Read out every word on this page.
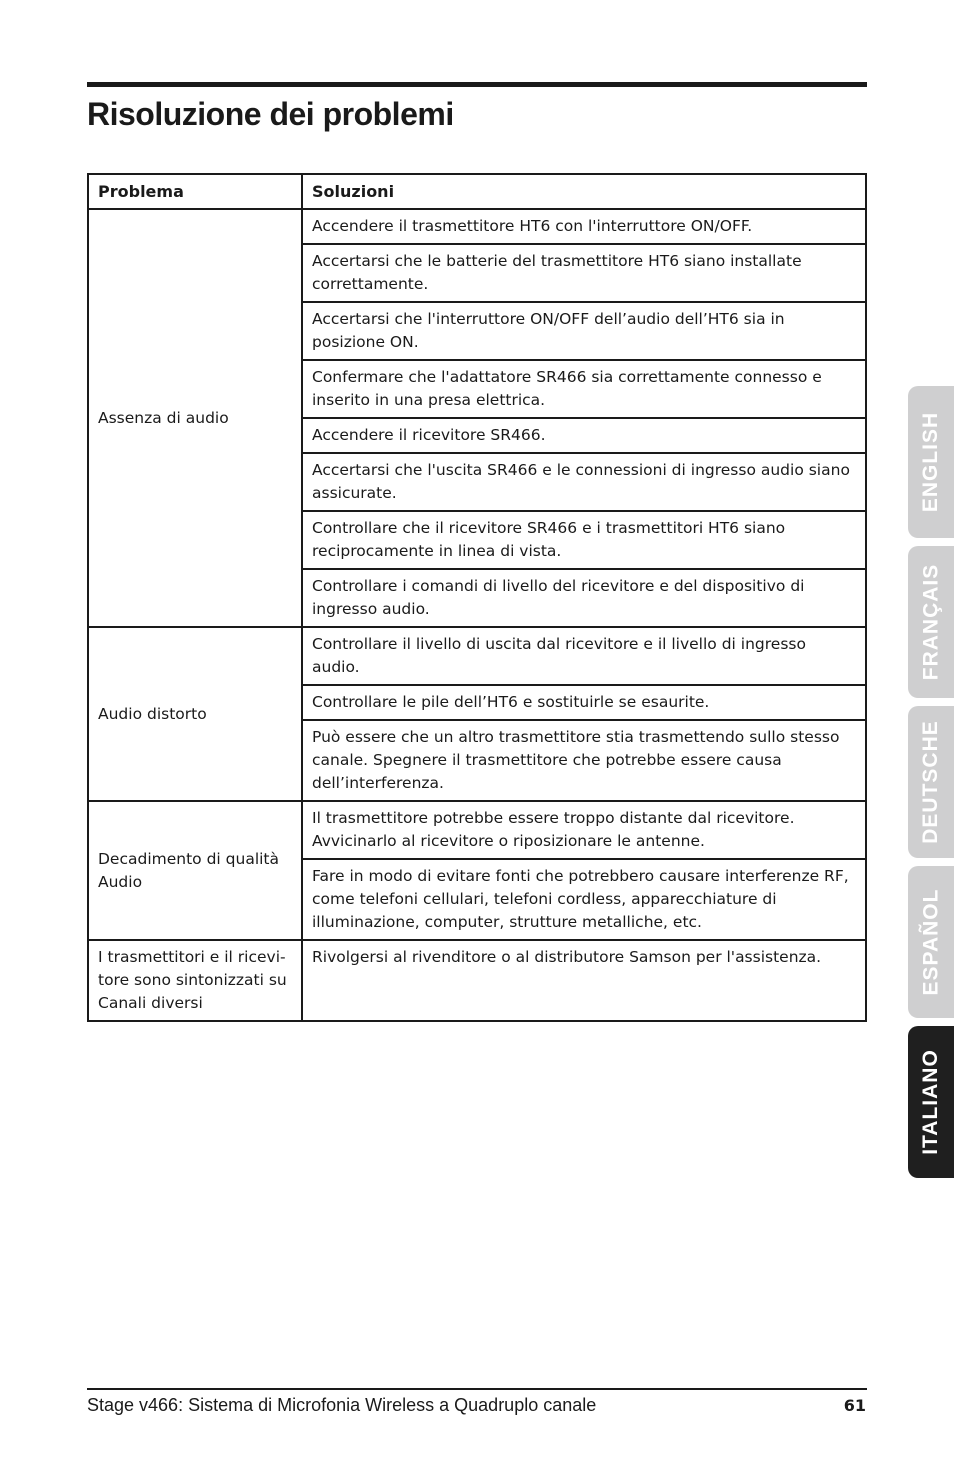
Risoluzione dei problemi
Problema	Soluzioni
Assenza di audio	Accendere il trasmettitore HT6 con l'interruttore ON/OFF.
	Accertarsi che le batterie del trasmettitore HT6 siano installate correttamente.
	Accertarsi che l'interruttore ON/OFF dell’audio dell’HT6 sia in posizione ON.
	Confermare che l'adattatore SR466 sia correttamente connesso e inserito in una presa elettrica.
	Accendere il ricevitore SR466.
	Accertarsi che l'uscita SR466 e le connessioni di ingresso audio siano assicurate.
	Controllare che il ricevitore SR466 e i trasmettitori HT6 siano reciprocamente in linea di vista.
	Controllare i comandi di livello del ricevitore e del dispositivo di ingresso audio.
Audio distorto	Controllare il livello di uscita dal ricevitore e il livello di ingresso audio.
	Controllare le pile dell’HT6 e sostituirle se esaurite.
	Può essere che un altro trasmettitore stia trasmettendo sullo stesso canale. Spegnere il trasmettitore che potrebbe essere causa dell’interferenza.
Decadimento di qualità Audio	Il trasmettitore potrebbe essere troppo distante dal ricevitore. Avvicinarlo al ricevitore o riposizionare le antenne.
	Fare in modo di evitare fonti che potrebbero causare interferenze RF, come telefoni cellulari, telefoni cordless, apparecchiature di illuminazione, computer, strutture metalliche, etc.
I trasmettitori e il ricevi-tore sono sintonizzati su Canali diversi	Rivolgersi al rivenditore o al distributore Samson per l'assistenza.
ENGLISH
FRANÇAIS
DEUTSCHE
ESPAÑOL
ITALIANO
Stage v466: Sistema di Microfonia Wireless a Quadruplo canale	61
